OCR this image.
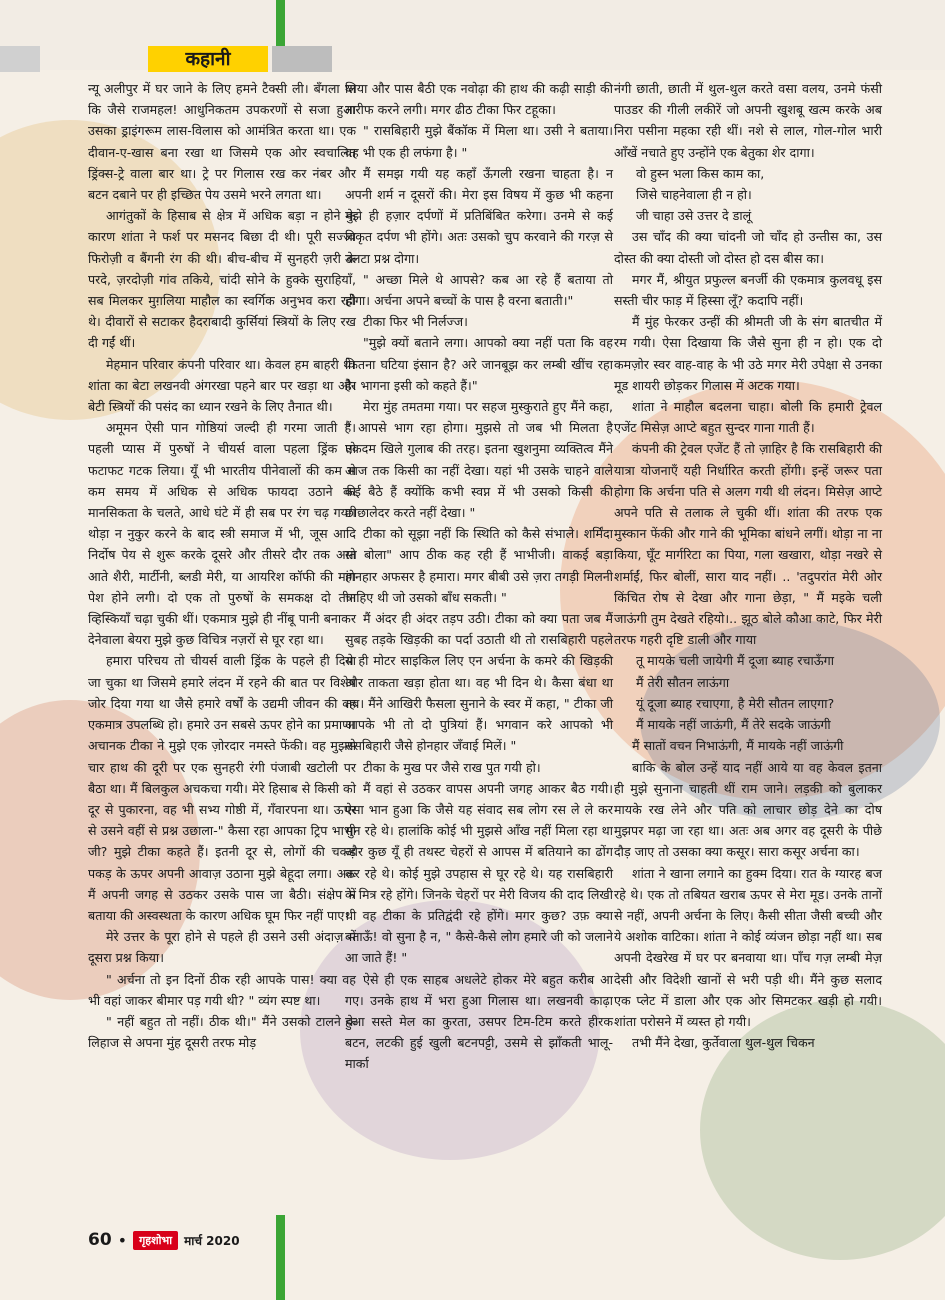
कहानी

न्यू अलीपुर में घर जाने के लिए हमने टैक्सी ली। बँगला था कि जैसे राजमहल! आधुनिकतम उपकरणों से सजा हुआ उसका ड्राइंगरूम लास-विलास को आमंत्रित करता था। एक दीवान-ए-खास बना रखा था जिसमे एक ओर स्वचालित ड्रिंक्स-ट्रे वाला बार था। ट्रे पर गिलास रख कर नंबर और बटन दबाने पर ही इच्छित पेय उसमे भरने लगता था।

आगंतुकों के हिसाब से क्षेत्र में अधिक बड़ा न होने के कारण शांता ने फर्श पर मसनद बिछा दी थी। पूरी सज्जा फिरोज़ी व बैंगनी रंग की थी। बीच-बीच में सुनहरी ज़री के परदे, ज़रदोज़ी गांव तकिये, चांदी सोने के हुक्के सुराहियाँ, सब मिलकर मुग़लिया माहौल का स्वर्गिक अनुभव करा रही थे। दीवारों से सटाकर हैदराबादी कुर्सियां स्त्रियों के लिए रख दी गईं थीं।

मेहमान परिवार कंपनी परिवार था। केवल हम बाहरी थे। शांता का बेटा लखनवी अंगरखा पहने बार पर खड़ा था और बेटी स्त्रियों की पसंद का ध्यान रखने के लिए तैनात थी।

अमूमन ऐसी पान गोष्ठियां जल्दी ही गरमा जाती हैं। पहली प्यास में पुरुषों ने चीयर्स वाला पहला ड्रिंक तो फटाफट गटक लिया। यूँ भी भारतीय पीनेवालों की कम से कम समय में अधिक से अधिक फायदा उठाने की मानसिकता के चलते, आधे घंटे में ही सब पर रंग चढ़ गया। थोड़ा न नुकुर करने के बाद स्त्री समाज में भी, जूस आदि निर्दोष पेय से शुरू करके दूसरे और तीसरे दौर तक आते आते शैरी, मार्टीनी, ब्लडी मेरी, या आयरिश कॉफी की मांग पेश होने लगी। दो एक तो पुरुषों के समकक्ष दो तीन व्हिस्कियाँ चढ़ा चुकी थीं। एकमात्र मुझे ही नींबू पानी बनाकर देनेवाला बेयरा मुझे कुछ विचित्र नज़रों से घूर रहा था।

हमारा परिचय तो चीयर्स वाली ड्रिंक के पहले ही दिया जा चुका था जिसमे हमारे लंदन में रहने की बात पर विशेष जोर दिया गया था जैसे हमारे वर्षों के उद्यमी जीवन की वह एकमात्र उपलब्धि हो। हमारे उन सबसे ऊपर होने का प्रमाण। अचानक टीका ने मुझे एक ज़ोरदार नमस्ते फेंकी। वह मुझसे चार हाथ की दूरी पर एक सुनहरी रंगी पंजाबी खटोली पर बैठा था। मैं बिलकुल अचकचा गयी। मेरे हिसाब से किसी को दूर से पुकारना, वह भी सभ्य गोष्ठी में, गँवारपना था। ऊपर से उसने वहीं से प्रश्न उछाला-" कैसा रहा आपका ट्रिप भाभी जी? मुझे टीका कहते हैं। इतनी दूर से, लोगों की चकड़ पकड़ के ऊपर अपनी आवाज़ उठाना मुझे बेहूदा लगा। अतः मैं अपनी जगह से उठकर उसके पास जा बैठी। संक्षेप में बताया की अस्वस्थता के कारण अधिक घूम फिर नहीं पाए।

मेरे उत्तर के पूरा होने से पहले ही उसने उसी अंदाज़ में दूसरा प्रश्न किया।

" अर्चना तो इन दिनों ठीक रही आपके पास! क्या वह भी वहां जाकर बीमार पड़ गयी थी? " व्यंग स्पष्ट था।

" नहीं बहुत तो नहीं। ठीक थी।" मैंने उसको टालने के लिहाज से अपना मुंह दूसरी तरफ मोड़

लिया और पास बैठी एक नवोढ़ा की हाथ की कढ़ी साड़ी की तारीफ करने लगी। मगर ढीठ टीका फिर टहूका।

" रासबिहारी मुझे बैंकॉक में मिला था। उसी ने बताया। वह भी एक ही लफंगा है। "

मैं समझ गयी यह कहाँ ऊँगली रखना चाहता है। न अपनी शर्म न दूसरों की। मेरा इस विषय में कुछ भी कहना मुझे ही हज़ार दर्पणों में प्रतिबिंबित करेगा। उनमे से कई विकृत दर्पण भी होंगे। अतः उसको चुप करवाने की गरज़ से उलटा प्रश्न दोगा।

" अच्छा मिले थे आपसे? कब आ रहे हैं बताया तो होगा। अर्चना अपने बच्चों के पास है वरना बताती।"

टीका फिर भी निर्लज्ज।

"मुझे क्यों बताने लगा। आपको क्या नहीं पता कि वह कितना घटिया इंसान है? अरे जानबूझ कर लम्बी खींच रहा है। भागना इसी को कहते हैं।"

मेरा मुंह तमतमा गया। पर सहज मुस्कुराते हुए मैंने कहा, " आपसे भाग रहा होगा। मुझसे तो जब भी मिलता है एकदम खिले गुलाब की तरह। इतना खुशनुमा व्यक्तित्व मैंने आज तक किसी का नहीं देखा। यहां भी उसके चाहने वाले कई बैठे हैं क्योंकि कभी स्वप्न में भी उसको किसी की छीछालेदर करते नहीं देखा। "

टीका को सूझा नहीं कि स्थिति को कैसे संभाले। शर्मिंदा सा बोला" आप ठीक कह रही हैं भाभीजी। वाकई बड़ा होनहार अफसर है हमारा। मगर बीबी उसे ज़रा तगड़ी मिलनी चाहिए थी जो उसको बाँध सकती। "

मैं अंदर ही अंदर तड़प उठी। टीका को क्या पता जब मैं सुबह तड़के खिड़की का पर्दा उठाती थी तो रासबिहारी पहले से ही मोटर साइकिल लिए एन अर्चना के कमरे की खिड़की और ताकता खड़ा होता था। वह भी दिन थे। कैसा बंधा था तब। मैंने आखिरी फैसला सुनाने के स्वर में कहा, " टीका जी आपके भी तो दो पुत्रियां हैं। भगवान करे आपको भी रासबिहारी जैसे होनहार जँवाई मिलें। "

टीका के मुख पर जैसे राख पुत गयी हो।

मैं वहां से उठकर वापस अपनी जगह आकर बैठ गयी। ऐसा भान हुआ कि जैसे यह संवाद सब लोग रस ले ले कर सुन रहे थे। हालांकि कोई भी मुझसे आँख नहीं मिला रहा था और कुछ यूँ ही तथस्ट चेहरों से आपस में बतियाने का ढोंग कर रहे थे। कोई मुझे उपहास से घूर रहे थे। यह रासबिहारी के मित्र रहे होंगे। जिनके चेहरों पर मेरी विजय की दाद लिखी थी वह टीका के प्रतिद्वंदी रहे होंगे। मगर कुछ? उफ़ क्या बताऊँ! वो सुना है न, " कैसे-कैसे लोग हमारे जी को जलाने आ जाते हैं! "

ऐसे ही एक साहब अधलेटे होकर मेरे बहुत करीब आ गए। उनके हाथ में भरा हुआ गिलास था। लखनवी काढ़ा हुआ सस्ते मेल का कुरता, उसपर टिम-टिम करते हीरक बटन, लटकी हुई खुली बटनपट्टी, उसमे से झाँकती भालू-मार्का

नंगी छाती, छाती में थुल-थुल करते वसा वलय, उनमे फंसी पाउडर की गीली लकीरें जो अपनी खुशबू खत्म करके अब निरा पसीना महका रही थीं। नशे से लाल, गोल-गोल भारी आँखें नचाते हुए उन्होंने एक बेतुका शेर दागा।

वो हुस्न भला किस काम का,

जिसे चाहनेवाला ही न हो।

जी चाहा उसे उत्तर दे डालूं

उस चाँद की क्या चांदनी जो चाँद हो उन्तीस का, उस दोस्त की क्या दोस्ती जो दोस्त हो दस बीस का।

मगर मैं, श्रीयुत प्रफुल्ल बनर्जी की एकमात्र कुलवधू इस सस्ती चीर फाड़ में हिस्सा लूँ? कदापि नहीं।

मैं मुंह फेरकर उन्हीं की श्रीमती जी के संग बातचीत में रम गयी। ऐसा दिखाया कि जैसे सुना ही न हो। एक दो कमज़ोर स्वर वाह-वाह के भी उठे मगर मेरी उपेक्षा से उनका मूड शायरी छोड़कर गिलास में अटक गया।

शांता ने माहौल बदलना चाहा। बोली कि हमारी ट्रेवल एजेंट मिसेज़ आप्टे बहुत सुन्दर गाना गाती हैं।

कंपनी की ट्रेवल एजेंट हैं तो ज़ाहिर है कि रासबिहारी की यात्रा योजनाएँ यही निर्धारित करती होंगी। इन्हें जरूर पता होगा कि अर्चना पति से अलग गयी थी लंदन। मिसेज़ आप्टे अपने पति से तलाक ले चुकी थीं। शांता की तरफ एक मुस्कान फेंकी और गाने की भूमिका बांधने लगीं। थोड़ा ना ना किया, घूँट मार्गरिटा का पिया, गला खखारा, थोड़ा नखरे से शर्माईं, फिर बोलीं, सारा याद नहीं। .. 'तदुपरांत मेरी ओर किंचित रोष से देखा और गाना छेड़ा, " मैं मइके चली जाऊंगी तुम देखते रहियो।.. झूठ बोले कौआ काटे, फिर मेरी तरफ गहरी दृष्टि डाली और गाया

तू मायके चली जायेगी मैं दूजा ब्याह रचाऊँगा

मैं तेरी सौतन लाऊंगा

यूं दूजा ब्याह रचाएगा, है मेरी सौतन लाएगा?

मैं मायके नहीं जाऊंगी, मैं तेरे सदके जाऊंगी

मैं सातों वचन निभाऊंगी, मैं मायके नहीं जाऊंगी

बाकि के बोल उन्हें याद नहीं आये या वह केवल इतना ही मुझे सुनाना चाहती थीं राम जाने। लड़की को बुलाकर मायके रख लेने और पति को लाचार छोड़ देने का दोष मुझपर मढ़ा जा रहा था। अतः अब अगर वह दूसरी के पीछे दौड़ जाए तो उसका क्या कसूर। सारा कसूर अर्चना का।

शांता ने खाना लगाने का हुक्म दिया। रात के ग्यारह बज रहे थे। एक तो तबियत खराब ऊपर से मेरा मूड। उनके तानों से नहीं, अपनी अर्चना के लिए। कैसी सीता जैसी बच्ची और ये अशोक वाटिका। शांता ने कोई व्यंजन छोड़ा नहीं था। सब अपनी देखरेख में घर पर बनवाया था। पाँच गज़ लम्बी मेज़ देसी और विदेशी खानों से भरी पड़ी थी। मैंने कुछ सलाद एक प्लेट में डाला और एक ओर सिमटकर खड़ी हो गयी। शांता परोसने में व्यस्त हो गयी।

तभी मैंने देखा, कुर्तेवाला थुल-थुल चिकन

60 •	गृहशोभा	मार्च 2020
